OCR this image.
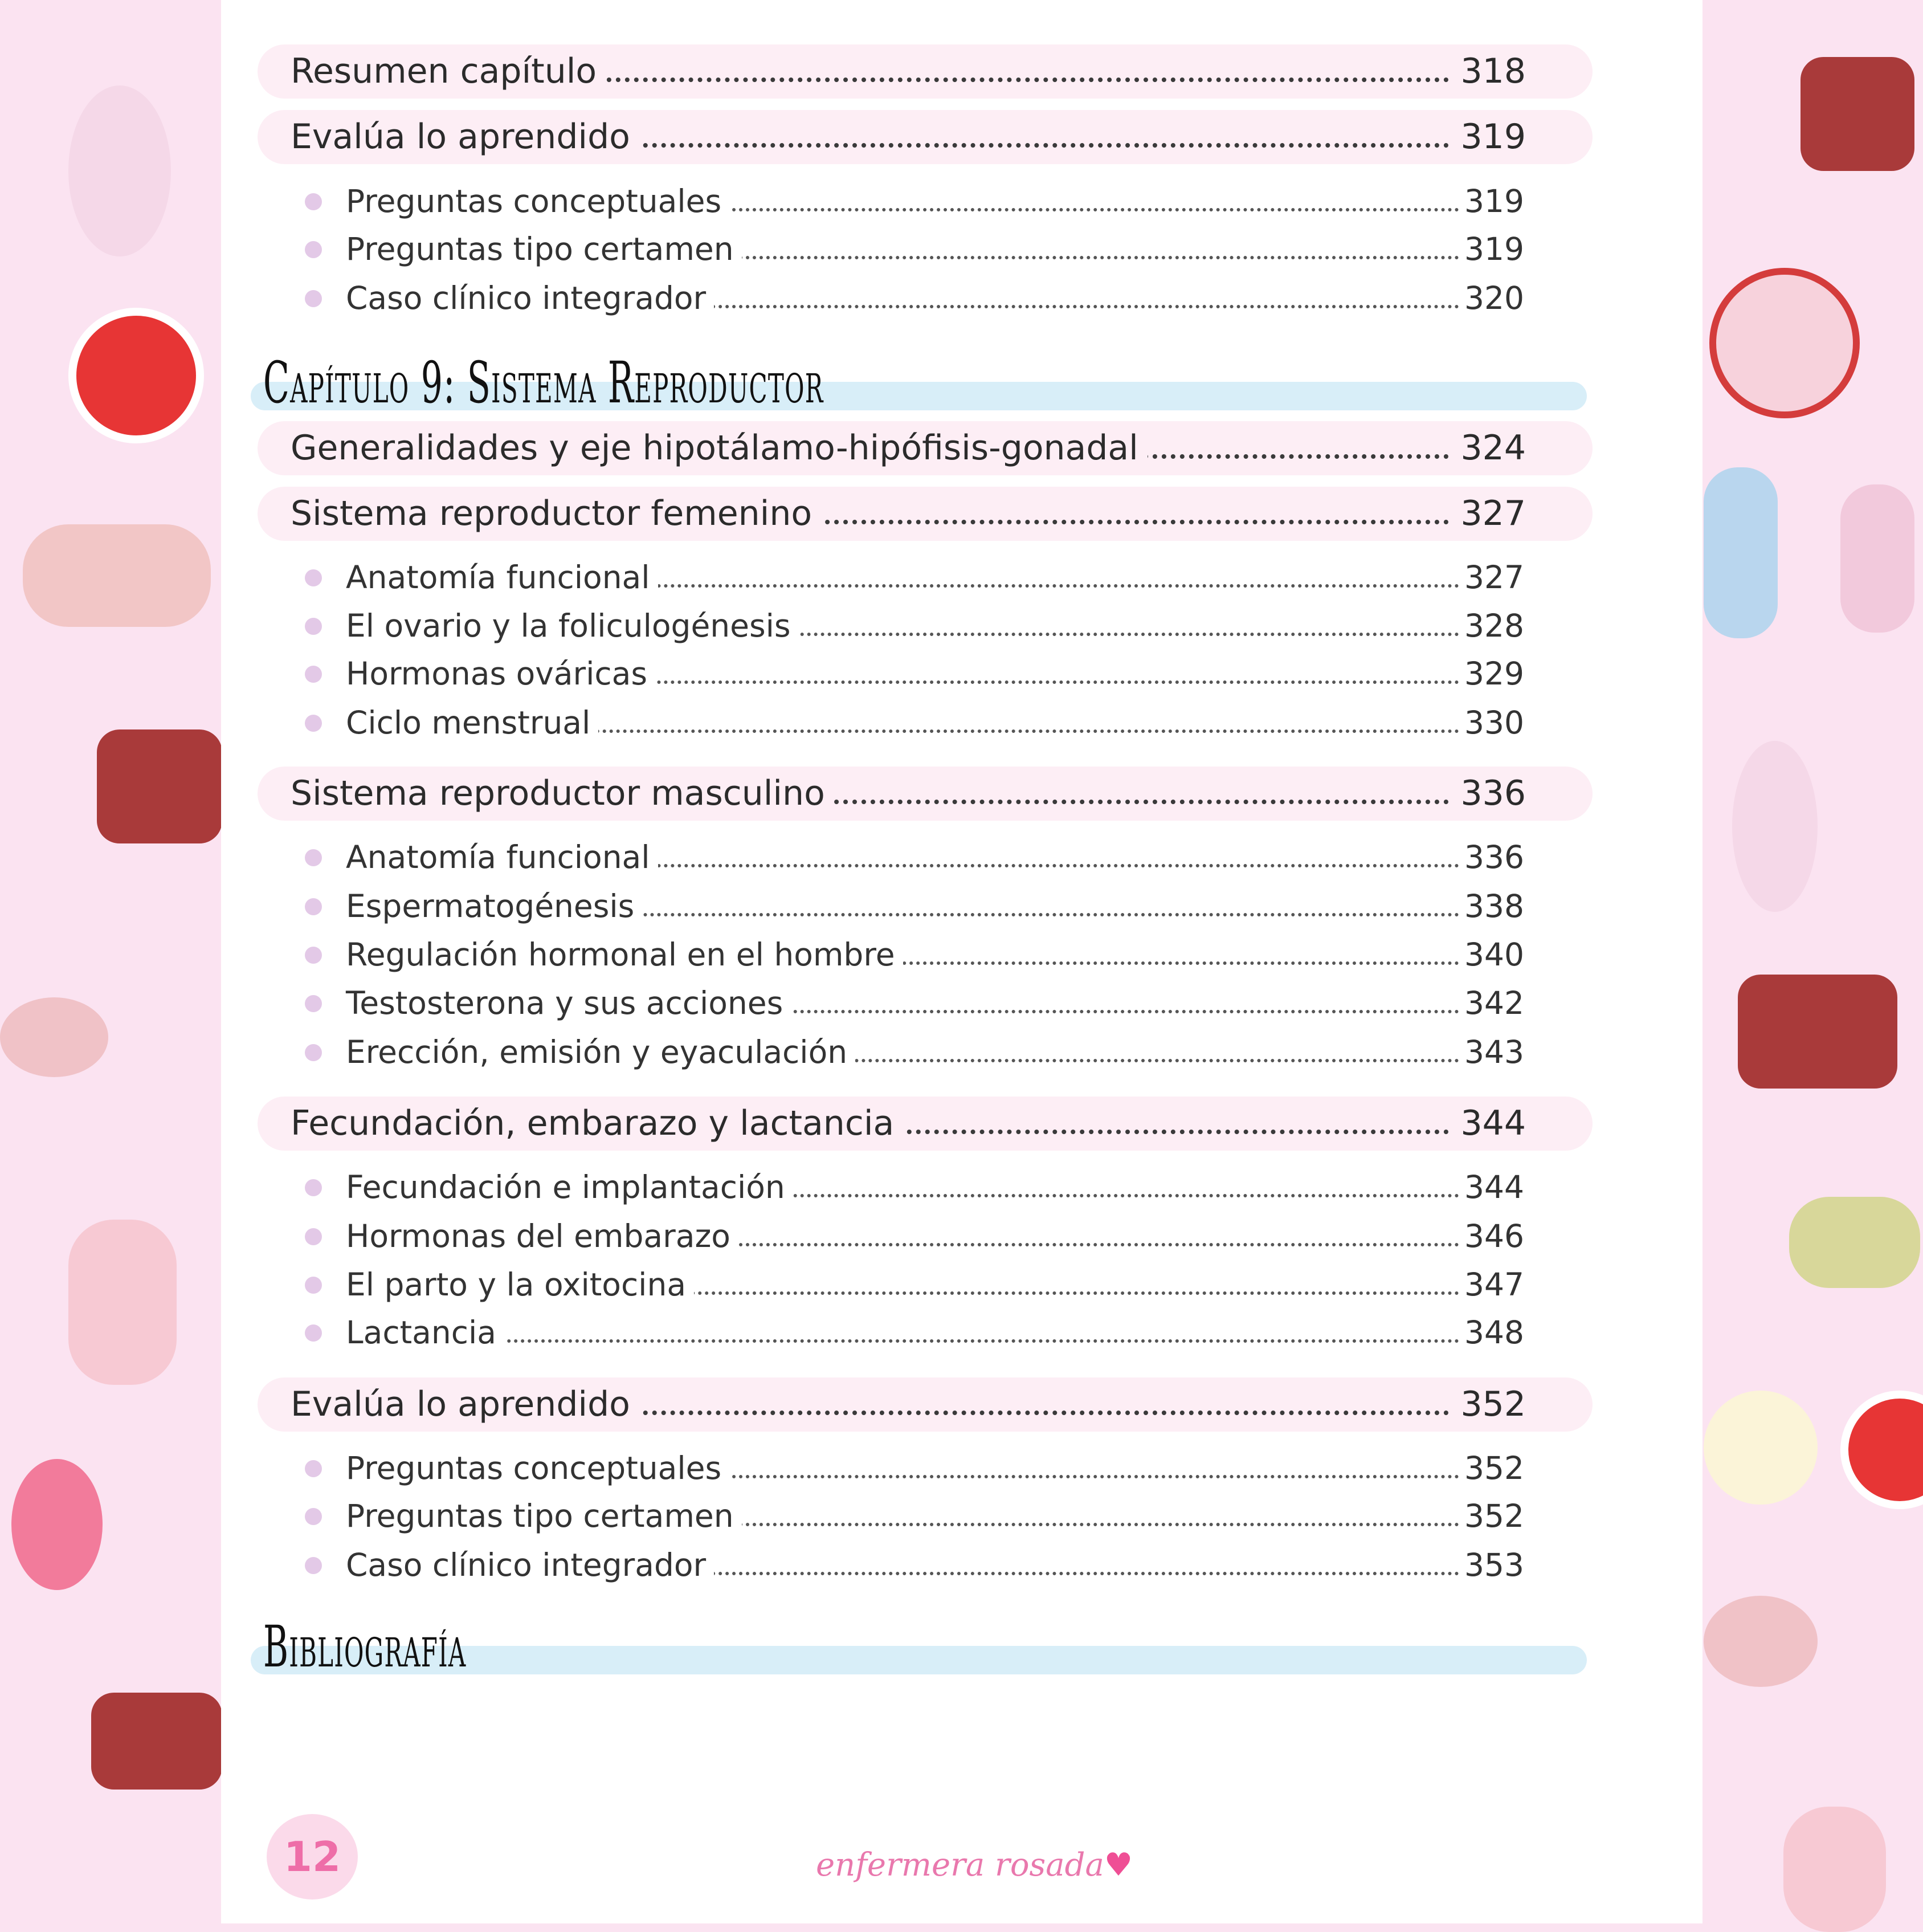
Resumen capítulo	318
Evalúa lo aprendido	319
Preguntas conceptuales	319
Preguntas tipo certamen	319
Caso clínico integrador	320
Capítulo 9: Sistema Reproductor
Generalidades y eje hipotálamo-hipófisis-gonadal	324
Sistema reproductor femenino	327
Anatomía funcional	327
El ovario y la foliculogénesis	328
Hormonas ováricas	329
Ciclo menstrual	330
Sistema reproductor masculino	336
Anatomía funcional	336
Espermatogénesis	338
Regulación hormonal en el hombre	340
Testosterona y sus acciones	342
Erección, emisión y eyaculación	343
Fecundación, embarazo y lactancia	344
Fecundación e implantación	344
Hormonas del embarazo	346
El parto y la oxitocina	347
Lactancia	348
Evalúa lo aprendido	352
Preguntas conceptuales	352
Preguntas tipo certamen	352
Caso clínico integrador	353
Bibliografía
12	enfermera rosada♥
